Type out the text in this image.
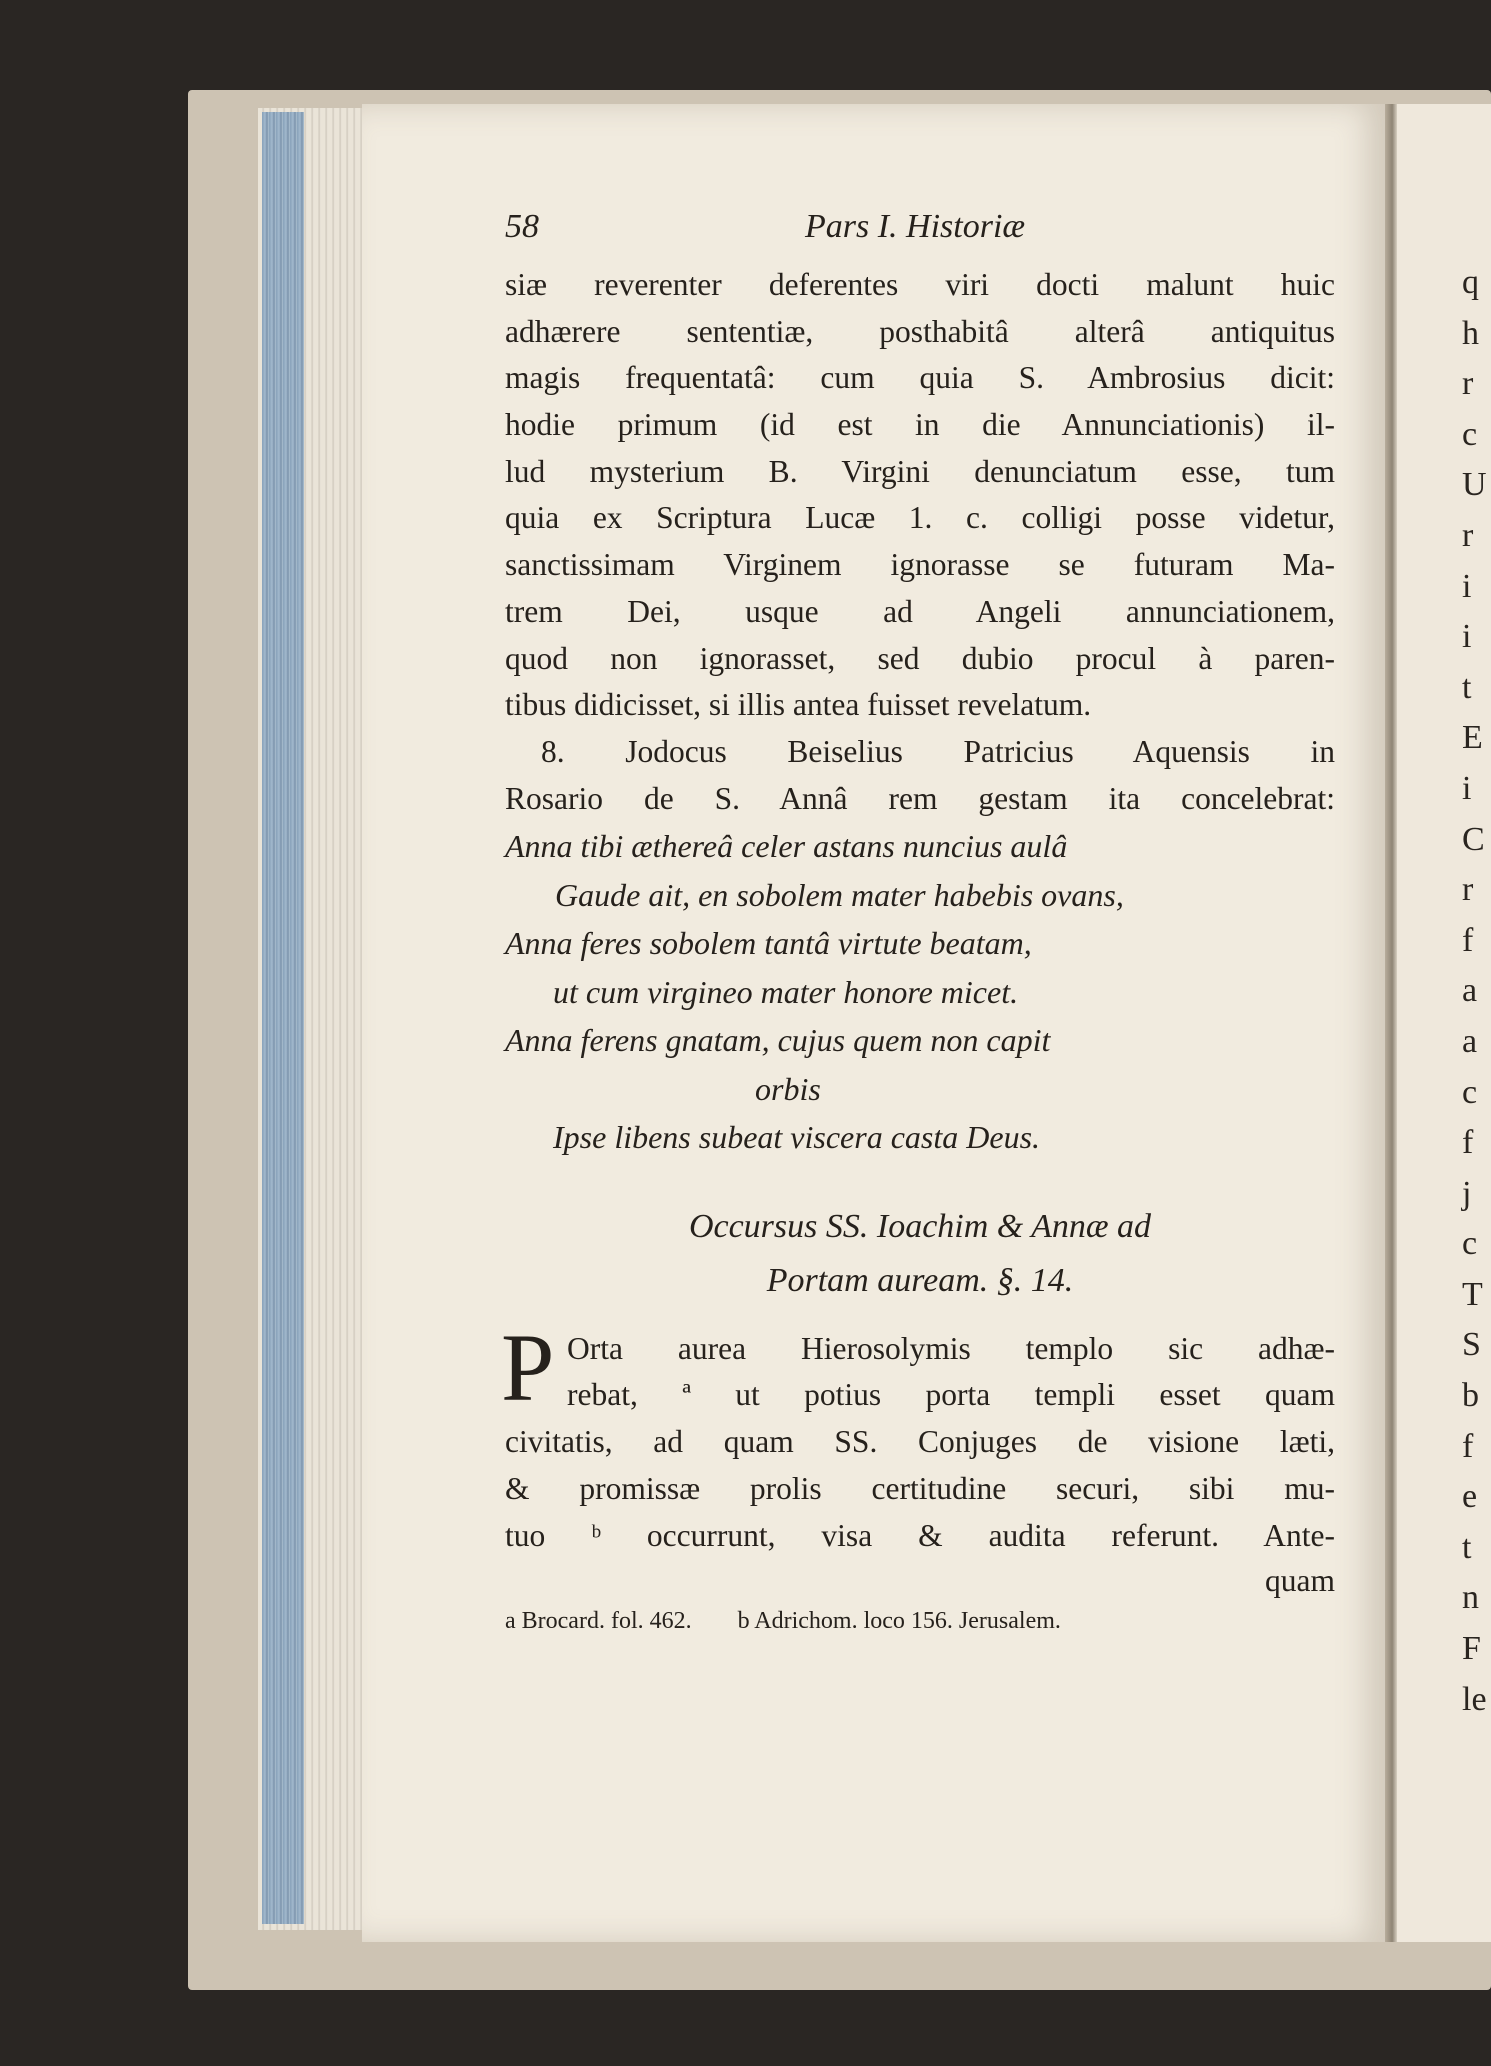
q
h
r
c
U
r
i
i
t
E
i
C
r
f
a
a
c
f
j
c
T
S
b
f
e
t
n
F
le
58	Pars I. Historiæ
siæ reverenter deferentes viri docti malunt huic
adhærere sententiæ, posthabitâ alterâ antiquitus
magis frequentatâ: cum quia S. Ambrosius dicit:
hodie primum (id est in die Annunciationis) il-
lud mysterium B. Virgini denunciatum esse, tum
quia ex Scriptura Lucæ 1. c. colligi posse videtur,
sanctissimam Virginem ignorasse se futuram Ma-
trem Dei, usque ad Angeli annunciationem,
quod non ignorasset, sed dubio procul à paren-
tibus didicisset, si illis antea fuisset revelatum.
8. Jodocus Beiselius Patricius Aquensis in
Rosario de S. Annâ rem gestam ita concelebrat:
Anna tibi æthereâ celer astans nuncius aulâ
Gaude ait, en sobolem mater habebis ovans,
Anna feres sobolem tantâ virtute beatam,
ut cum virgineo mater honore micet.
Anna ferens gnatam, cujus quem non capit
orbis
Ipse libens subeat viscera casta Deus.
Occursus SS. Ioachim & Annæ ad
Portam auream. §. 14.
P Orta aurea Hierosolymis templo sic adhæ-
rebat, ª ut potius porta templi esset quam
civitatis, ad quam SS. Conjuges de visione læti,
& promissæ prolis certitudine securi, sibi mu-
tuo ᵇ occurrunt, visa & audita referunt. Ante-
quam
a Brocard. fol. 462. b Adrichom. loco 156. Jerusalem.
